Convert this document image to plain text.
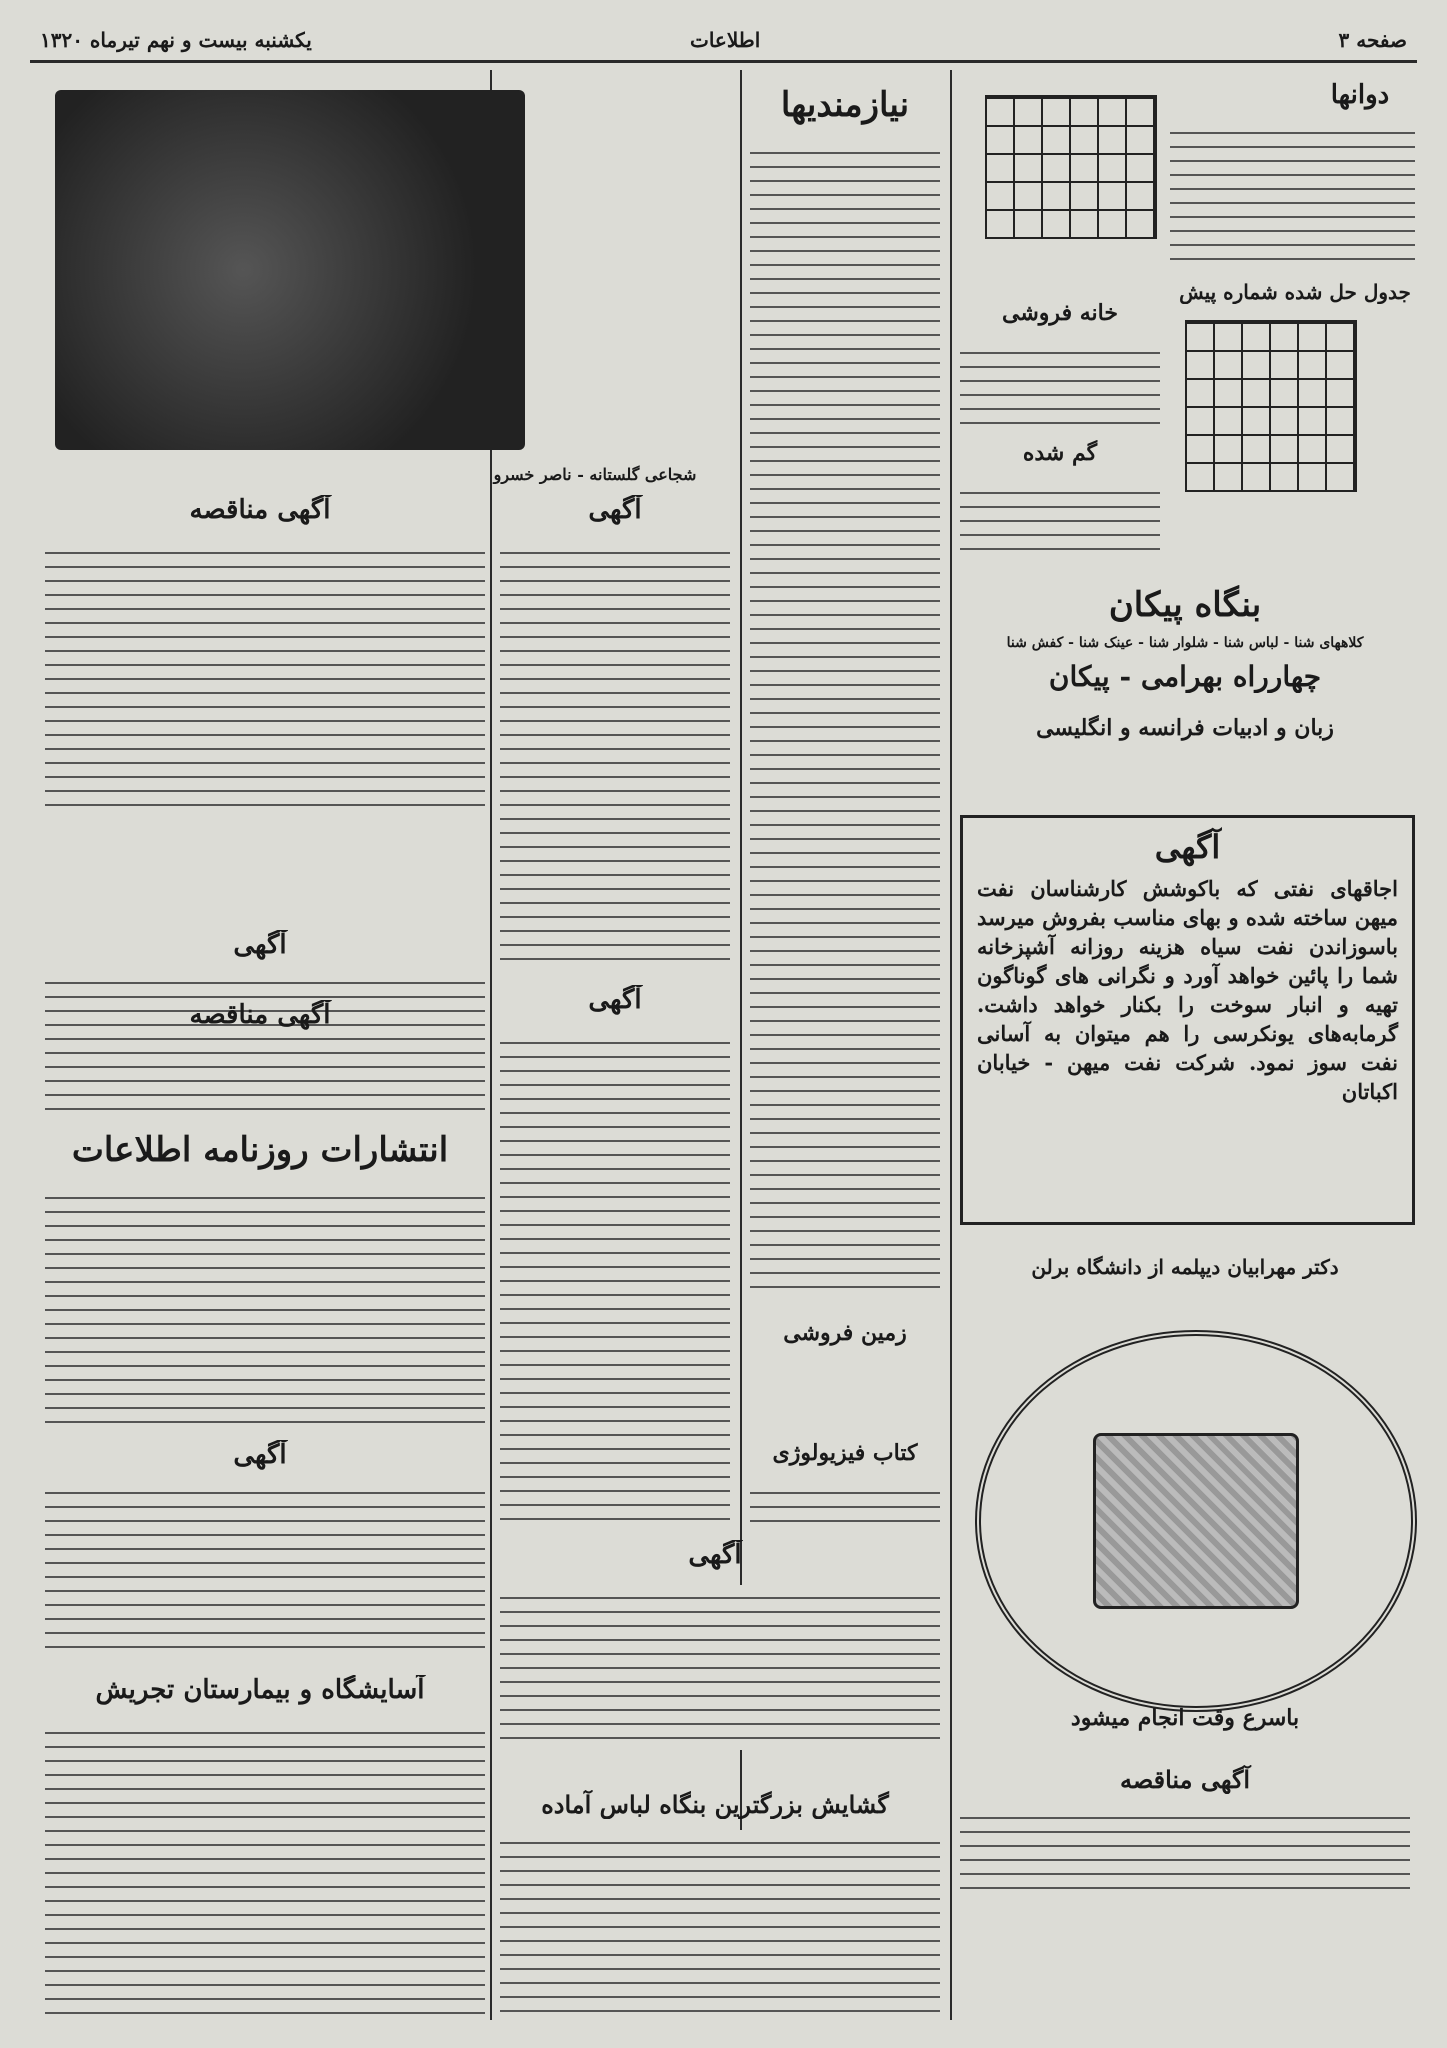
یکشنبه بیست و نهم تیرماه ۱۳۲۰	اطلاعات	صفحه ۳
شجاعی گلستانه - ناصر خسرو
آگهی مناقصه
آگهی
آگهی مناقصه
انتشارات روزنامه اطلاعات
آگهی
آسایشگاه و بیمارستان تجریش
آگهی
آگهی
آگهی
گشایش بزرگترین بنگاه لباس آماده
نیازمندیها
زمین فروشی
کتاب فیزیولوژی
دوانها
جدول حل شده شماره پیش
خانه فروشی
گم شده
بنگاه پیکان
کلاههای شنا - لباس شنا - شلوار شنا - عینک شنا - کفش شنا
چهارراه بهرامی - پیکان
زبان و ادبیات فرانسه و انگلیسی
آگهی
اجاقهای نفتی که باکوشش کارشناسان نفت میهن ساخته شده و بهای مناسب بفروش میرسد باسوزاندن نفت سیاه هزینه روزانه آشپزخانه شما را پائین خواهد آورد و نگرانی های گوناگون تهیه و انبار سوخت را بکنار خواهد داشت. گرمابه‌های یونکرسی را هم میتوان به آسانی نفت سوز نمود. شرکت نفت میهن - خیابان اکباتان
دکتر مهرابیان دیپلمه از دانشگاه برلن
باسرع وقت انجام میشود
آگهی مناقصه
